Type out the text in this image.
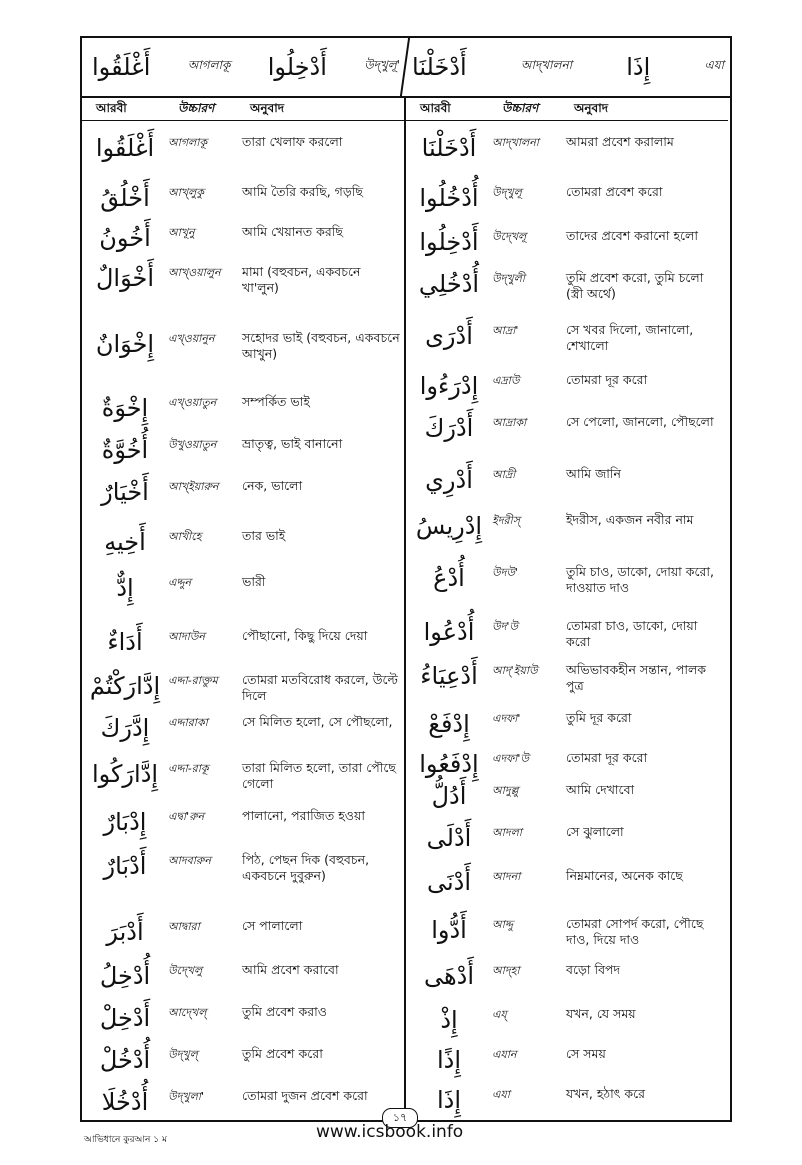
أَغْلَقُوا	আগলাকূ أَدْخِلُوا	উদ্খুলূ' أَدْخَلْنَا	আদ্খালনা إِذَا	এযা
আরবী	উচ্চারণ	অনুবাদ
أَغْلَقُوا	আগলাকূ	তারা খেলাফ করলো
أَخْلُقُ	আখ্লুকু	আমি তৈরি করছি, গড়ছি
أَخُونُ	আখূনু	আমি খেয়ানত করছি
أَخْوَالٌ	আখ্ওয়ালুন	মামা (বহুবচন, একবচনে খা'লুন)
إِخْوَانٌ	এখ্ওয়ানুন	সহোদর ভাই (বহুবচন, একবচনে আখুন)
إِخْوَةٌ	এখ্ওয়াতুন	সম্পর্কিত ভাই
أُخُوَّةٌ	উখুওয়াতুন	ভ্রাতৃত্ব, ভাই বানানো
أَخْيَارٌ	আখ্ইয়ারুন	নেক, ভালো
أَخِيهِ	আখীহে	তার ভাই
إِدٌّ	এদ্দুন	ভারী
أَدَاءٌ	আদাউন	পৌছানো, কিছু দিয়ে দেয়া
إِدَّارَكْتُمْ এদ্দা-রাক্তুম	তোমরা মতবিরোধ করলে, উল্টে দিলে
إِدَّرَكَ	এদ্দারাকা	সে মিলিত হলো, সে পৌছলো,
إِدَّارَكُوا এদ্দা-রাকূ	তারা মিলিত হলো, তারা পৌছে গেলো
إِدْبَارٌ	এদ্বা'রুন	পালানো, পরাজিত হওয়া
أَدْبَارٌ	আদবারুন	পিঠ, পেছন দিক (বহুবচন, একবচনে দুবুরুন)
أَدْبَرَ	আদ্বারা	সে পালালো
أُدْخِلُ	উদ্খেলু	আমি প্রবেশ করাবো
أَدْخِلْ	আদ্খেল্	তুমি প্রবেশ করাও
أُدْخُلْ	উদ্খুল্	তুমি প্রবেশ করো
أُدْخُلَا	উদ্খুলা'	তোমরা দুজন প্রবেশ করো
আরবী	উচ্চারণ	অনুবাদ
أَدْخَلْنَا	আদ্খালনা	আমরা প্রবেশ করালাম
أُدْخُلُوا	উদ্খুলূ	তোমরা প্রবেশ করো
أَدْخِلُوا	উদ্খেলূ	তাদের প্রবেশ করানো হলো
أُدْخُلِي	উদ্খুলী	তুমি প্রবেশ করো, তুমি চলো (স্ত্রী অর্থে)
أَدْرَى	আদ্রা'	সে খবর দিলো, জানালো, শেখালো
إِدْرَءُوا	এদ্রাউ	তোমরা দূর করো
أَدْرَكَ	আদ্রাকা	সে পেলো, জানলো, পৌছলো
أَدْرِي	আদ্রী	আমি জানি
إِدْرِيسُ ইদরীস্	ইদরীস, একজন নবীর নাম
أُدْعُ	উদউ'	তুমি চাও, ডাকো, দোয়া করো, দাওয়াত দাও
أُدْعُوا	উদ'উ	তোমরা চাও, ডাকো, দোয়া করো
أَدْعِيَاءُ	আদ্'ইয়াউ	অভিভাবকহীন সন্তান, পালক পুত্র
إِدْفَعْ	এদফা'	তুমি দূর করো
إِدْفَعُوا	এদফা'উ	তোমরা দূর করো
أَدُلُّ	আদুল্লু	আমি দেখাবো
أَدْلَى	আদলা	সে ঝুলালো
أَدْنَى	আদনা	নিম্নমানের, অনেক কাছে
أَدُّوا	আদ্দু	তোমরা সোপর্দ করো, পৌছে দাও, দিয়ে দাও
أَدْهَى	আদ্হা	বড়ো বিপদ
إِذْ	এয্	যখন, যে সময়
إِذًا	এযান	সে সময়
إِذَا	এযা	যখন, হঠাৎ করে
১৭
আভিধানে কুরআন ১ ম	www.icsbook.info
